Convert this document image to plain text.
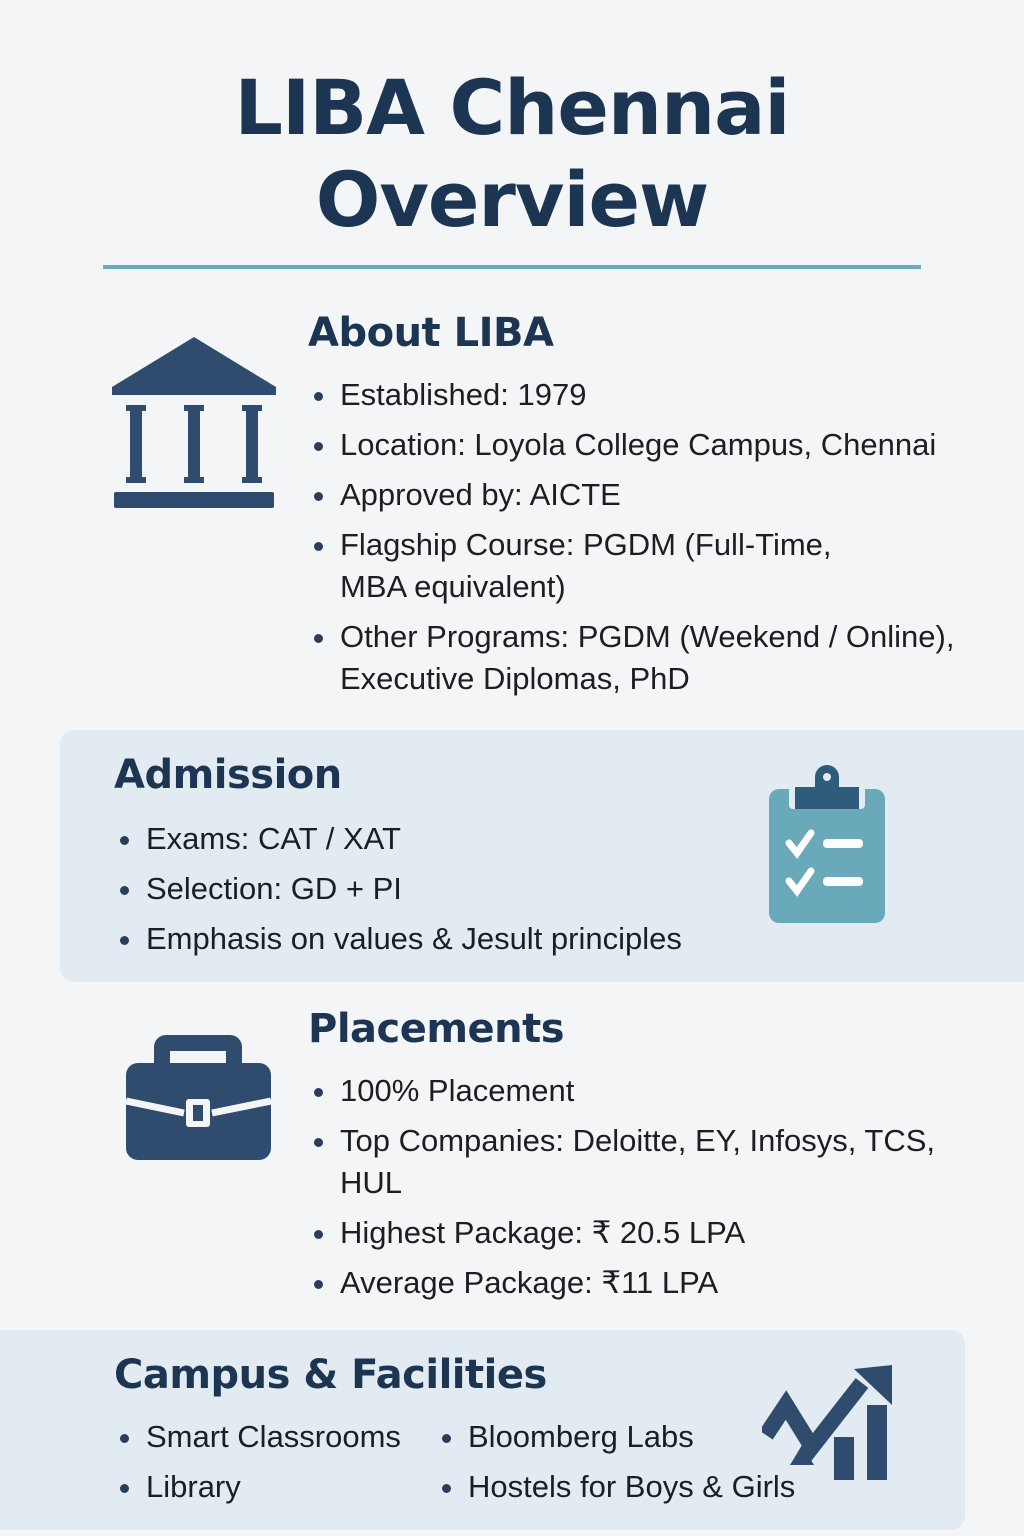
LIBA Chennai
Overview
About LIBA
Established: 1979
Location: Loyola College Campus, Chennai
Approved by: AICTE
Flagship Course: PGDM (Full-Time, MBA equivalent)
Other Programs: PGDM (Weekend / Online), Executive Diplomas, PhD
Admission
Exams: CAT / XAT
Selection: GD + PI
Emphasis on values & Jesult principles
Placements
100% Placement
Top Companies: Deloitte, EY, Infosys, TCS, HUL
Highest Package: ₹ 20.5 LPA
Average Package: ₹11 LPA
Campus & Facilities
Smart Classrooms	Bloomberg Labs
Library	Hostels for Boys & Girls
